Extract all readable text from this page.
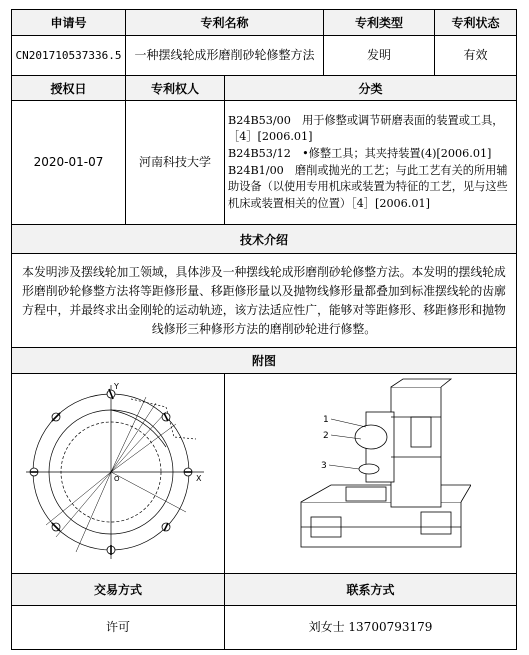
申请号	专利名称		专利类型	专利状态
CN201710537336.5	一种摆线轮成形磨削砂轮修整方法		发明	有效
授权日	专利权人	分类		
2020-01-07	河南科技大学	B24B53/00　用于修整或调节研磨表面的装置或工具，［4］[2006.01]
B24B53/12　•修整工具；其夹持装置(4)[2006.01]
B24B1/00　磨削或抛光的工艺；与此工艺有关的所用辅助设备（以使用专用机床或装置为特征的工艺，见与这些机床或装置相关的位置）［4］[2006.01]		

技术介绍				
本发明涉及摆线轮加工领域，具体涉及一种摆线轮成形磨削砂轮修整方法。本发明的摆线轮成形磨削砂轮修整方法将等距修形量、移距修形量以及抛物线修形量都叠加到标准摆线轮的齿廓方程中，并最终求出金刚轮的运动轨迹，该方法适应性广，能够对等距修形、移距修形和抛物线修形三种修形方法的磨削砂轮进行修整。				
附图				

Y
X
O		1
2
3		

交易方式		联系方式		
许可		刘女士 13700793179		
